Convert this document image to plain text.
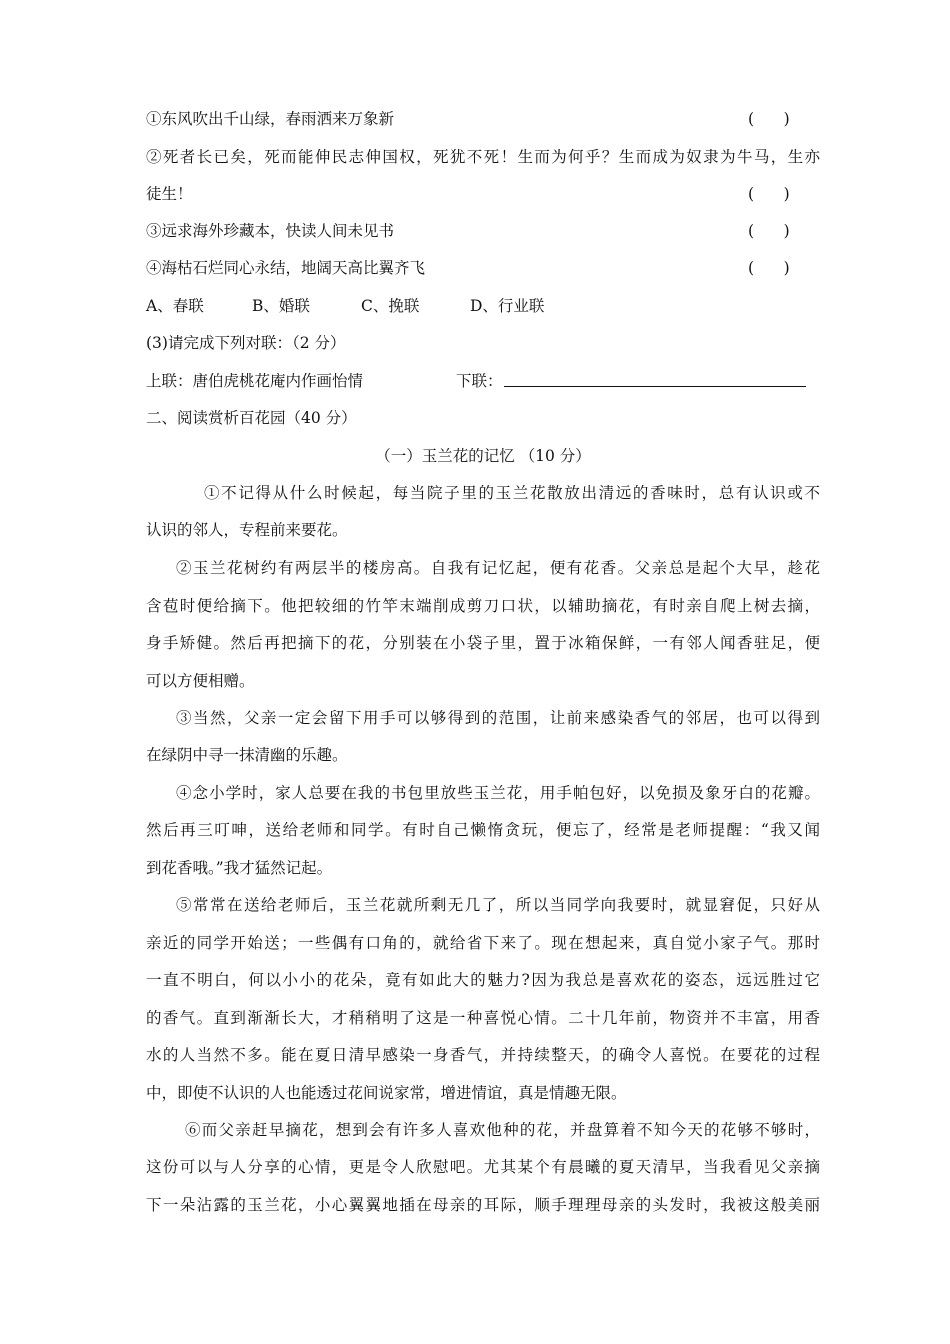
①东风吹出千山绿，春雨洒来万象新	(      )
②死者长已矣，死而能伸民志伸国权，死犹不死！生而为何乎？生而成为奴隶为牛马，生亦
徒生！	(      )
③远求海外珍藏本，快读人间未见书	(      )
④海枯石烂同心永结，地阔天高比翼齐飞	(      )
A、春联	B、婚联	C、挽联	D、行业联
(3)请完成下列对联：（2 分）
上联：唐伯虎桃花庵内作画怡情	下联：
二、阅读赏析百花园（40 分）
（一）玉兰花的记忆 （10 分）
①不记得从什么时候起，每当院子里的玉兰花散放出清远的香味时，总有认识或不
认识的邻人，专程前来要花。
②玉兰花树约有两层半的楼房高。自我有记忆起，便有花香。父亲总是起个大早，趁花
含苞时便给摘下。他把较细的竹竿末端削成剪刀口状，以辅助摘花，有时亲自爬上树去摘，
身手矫健。然后再把摘下的花，分别装在小袋子里，置于冰箱保鲜，一有邻人闻香驻足，便
可以方便相赠。
③当然，父亲一定会留下用手可以够得到的范围，让前来感染香气的邻居，也可以得到
在绿阴中寻一抹清幽的乐趣。
④念小学时，家人总要在我的书包里放些玉兰花，用手帕包好，以免损及象牙白的花瓣。
然后再三叮呻，送给老师和同学。有时自己懒惰贪玩，便忘了，经常是老师提醒：“我又闻
到花香哦。”我才猛然记起。
⑤常常在送给老师后，玉兰花就所剩无几了，所以当同学向我要时，就显窘促，只好从
亲近的同学开始送；一些偶有口角的，就给省下来了。现在想起来，真自觉小家子气。那时
一直不明白，何以小小的花朵，竟有如此大的魅力?因为我总是喜欢花的姿态，远远胜过它
的香气。直到渐渐长大，才稍稍明了这是一种喜悦心情。二十几年前，物资并不丰富，用香
水的人当然不多。能在夏日清早感染一身香气，并持续整天，的确令人喜悦。在要花的过程
中，即使不认识的人也能透过花间说家常，增进情谊，真是情趣无限。
⑥而父亲赶早摘花，想到会有许多人喜欢他种的花，并盘算着不知今天的花够不够时，
这份可以与人分享的心情，更是令人欣慰吧。尤其某个有晨曦的夏天清早，当我看见父亲摘
下一朵沾露的玉兰花，小心翼翼地插在母亲的耳际，顺手理理母亲的头发时，我被这般美丽
